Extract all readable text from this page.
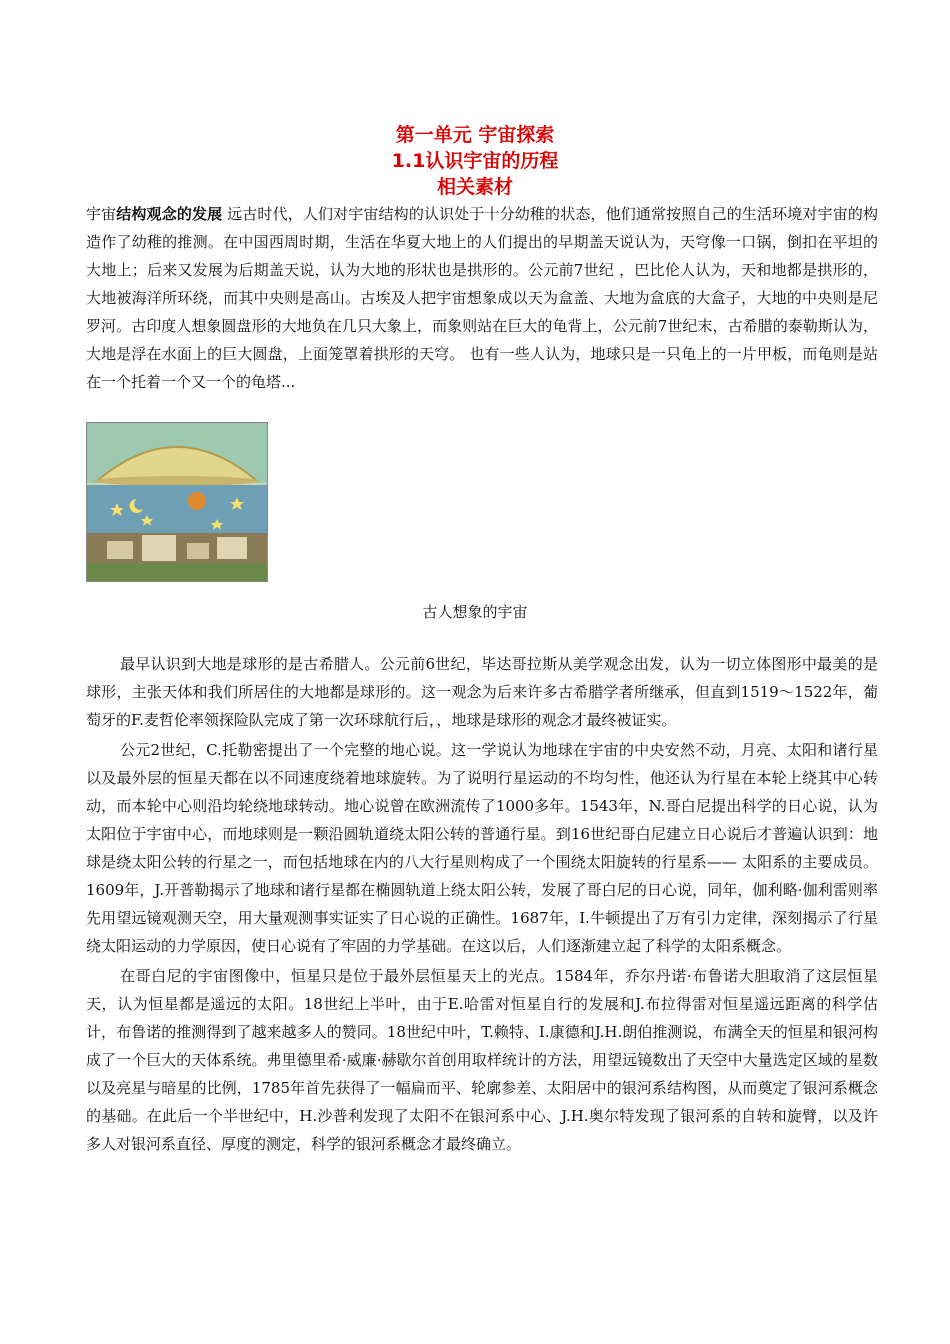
第一单元 宇宙探索
1.1认识宇宙的历程
相关素材

宇宙结构观念的发展 远古时代，人们对宇宙结构的认识处于十分幼稚的状态，他们通常按照自己的生活环境对宇宙的构造作了幼稚的推测。在中国西周时期，生活在华夏大地上的人们提出的早期盖天说认为，天穹像一口锅，倒扣在平坦的大地上；后来又发展为后期盖天说，认为大地的形状也是拱形的。公元前7世纪 ，巴比伦人认为，天和地都是拱形的，大地被海洋所环绕，而其中央则是高山。古埃及人把宇宙想象成以天为盒盖、大地为盒底的大盒子，大地的中央则是尼罗河。古印度人想象圆盘形的大地负在几只大象上，而象则站在巨大的龟背上，公元前7世纪末，古希腊的泰勒斯认为，大地是浮在水面上的巨大圆盘，上面笼罩着拱形的天穹。 也有一些人认为，地球只是一只龟上的一片甲板，而龟则是站在一个托着一个又一个的龟塔...

古人想象的宇宙

最早认识到大地是球形的是古希腊人。公元前6世纪，毕达哥拉斯从美学观念出发，认为一切立体图形中最美的是球形，主张天体和我们所居住的大地都是球形的。这一观念为后来许多古希腊学者所继承，但直到1519～1522年，葡萄牙的F.麦哲伦率领探险队完成了第一次环球航行后，，地球是球形的观念才最终被证实。

公元2世纪，C.托勒密提出了一个完整的地心说。这一学说认为地球在宇宙的中央安然不动，月亮、太阳和诸行星以及最外层的恒星天都在以不同速度绕着地球旋转。为了说明行星运动的不均匀性，他还认为行星在本轮上绕其中心转动，而本轮中心则沿均轮绕地球转动。地心说曾在欧洲流传了1000多年。1543年，N.哥白尼提出科学的日心说，认为太阳位于宇宙中心，而地球则是一颗沿圆轨道绕太阳公转的普通行星。到16世纪哥白尼建立日心说后才普遍认识到：地球是绕太阳公转的行星之一，而包括地球在内的八大行星则构成了一个围绕太阳旋转的行星系—— 太阳系的主要成员。1609年，J.开普勒揭示了地球和诸行星都在椭圆轨道上绕太阳公转，发展了哥白尼的日心说，同年，伽利略·伽利雷则率先用望远镜观测天空，用大量观测事实证实了日心说的正确性。1687年，I.牛顿提出了万有引力定律，深刻揭示了行星绕太阳运动的力学原因，使日心说有了牢固的力学基础。在这以后，人们逐渐建立起了科学的太阳系概念。

在哥白尼的宇宙图像中，恒星只是位于最外层恒星天上的光点。1584年，乔尔丹诺·布鲁诺大胆取消了这层恒星天，认为恒星都是遥远的太阳。18世纪上半叶，由于E.哈雷对恒星自行的发展和J.布拉得雷对恒星遥远距离的科学估计，布鲁诺的推测得到了越来越多人的赞同。18世纪中叶，T.赖特、I.康德和J.H.朗伯推测说，布满全天的恒星和银河构成了一个巨大的天体系统。弗里德里希·威廉·赫歇尔首创用取样统计的方法，用望远镜数出了天空中大量选定区域的星数以及亮星与暗星的比例，1785年首先获得了一幅扁而平、轮廓参差、太阳居中的银河系结构图，从而奠定了银河系概念的基础。在此后一个半世纪中，H.沙普利发现了太阳不在银河系中心、J.H.奥尔特发现了银河系的自转和旋臂，以及许多人对银河系直径、厚度的测定，科学的银河系概念才最终确立。
